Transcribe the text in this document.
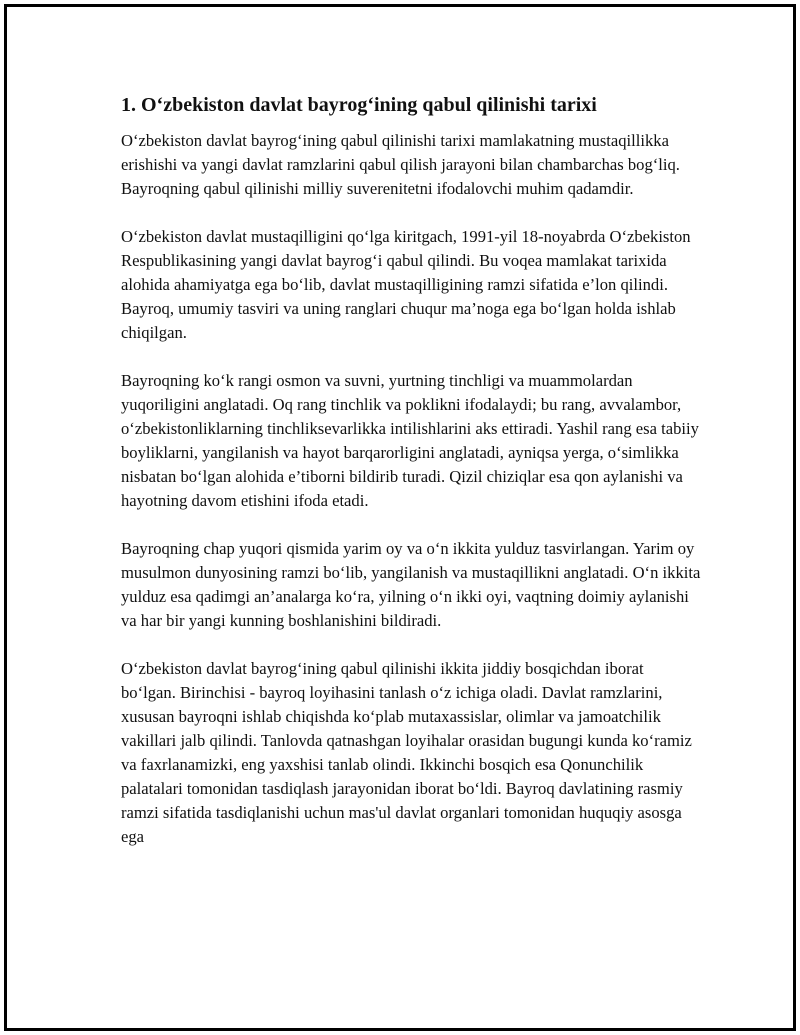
1. O‘zbekiston davlat bayrog‘ining qabul qilinishi tarixi

O‘zbekiston davlat bayrog‘ining qabul qilinishi tarixi mamlakatning mustaqillikka erishishi va yangi davlat ramzlarini qabul qilish jarayoni bilan chambarchas bog‘liq. Bayroqning qabul qilinishi milliy suverenitetni ifodalovchi muhim qadamdir.

O‘zbekiston davlat mustaqilligini qo‘lga kiritgach, 1991-yil 18-noyabrda O‘zbekiston Respublikasining yangi davlat bayrog‘i qabul qilindi. Bu voqea mamlakat tarixida alohida ahamiyatga ega bo‘lib, davlat mustaqilligining ramzi sifatida e’lon qilindi. Bayroq, umumiy tasviri va uning ranglari chuqur ma’noga ega bo‘lgan holda ishlab chiqilgan.

Bayroqning ko‘k rangi osmon va suvni, yurtning tinchligi va muammolardan yuqoriligini anglatadi. Oq rang tinchlik va poklikni ifodalaydi; bu rang, avvalambor, o‘zbekistonliklarning tinchliksevarlikka intilishlarini aks ettiradi. Yashil rang esa tabiiy boyliklarni, yangilanish va hayot barqarorligini anglatadi, ayniqsa yerga, o‘simlikka nisbatan bo‘lgan alohida e’tiborni bildirib turadi. Qizil chiziqlar esa qon aylanishi va hayotning davom etishini ifoda etadi.

Bayroqning chap yuqori qismida yarim oy va o‘n ikkita yulduz tasvirlangan. Yarim oy musulmon dunyosining ramzi bo‘lib, yangilanish va mustaqillikni anglatadi. O‘n ikkita yulduz esa qadimgi an’analarga ko‘ra, yilning o‘n ikki oyi, vaqtning doimiy aylanishi va har bir yangi kunning boshlanishini bildiradi.

O‘zbekiston davlat bayrog‘ining qabul qilinishi ikkita jiddiy bosqichdan iborat bo‘lgan. Birinchisi - bayroq loyihasini tanlash o‘z ichiga oladi. Davlat ramzlarini, xususan bayroqni ishlab chiqishda ko‘plab mutaxassislar, olimlar va jamoatchilik vakillari jalb qilindi. Tanlovda qatnashgan loyihalar orasidan bugungi kunda ko‘ramiz va faxrlanamizki, eng yaxshisi tanlab olindi. Ikkinchi bosqich esa Qonunchilik palatalari tomonidan tasdiqlash jarayonidan iborat bo‘ldi. Bayroq davlatining rasmiy ramzi sifatida tasdiqlanishi uchun mas'ul davlat organlari tomonidan huquqiy asosga ega
